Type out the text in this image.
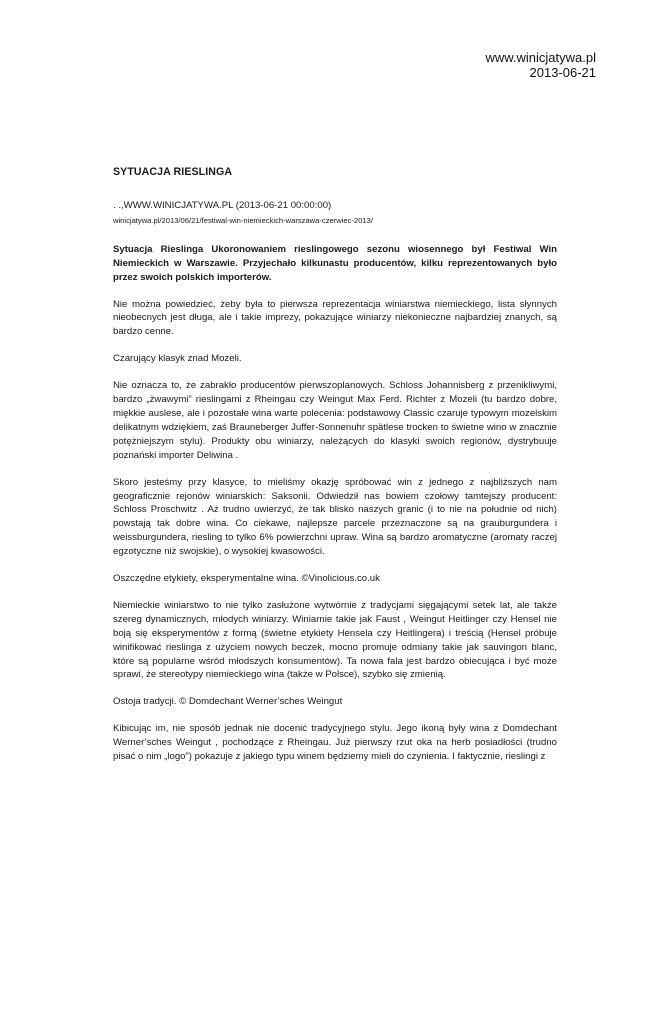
www.winicjatywa.pl
2013-06-21
SYTUACJA RIESLINGA
. .,WWW.WINICJATYWA.PL (2013-06-21 00:00:00)
winicjatywa.pl/2013/06/21/festiwal-win-niemieckich-warszawa-czerwiec-2013/
Sytuacja Rieslinga Ukoronowaniem rieslingowego sezonu wiosennego był Festiwal Win Niemieckich w Warszawie. Przyjechało kilkunastu producentów, kilku reprezentowanych było przez swoich polskich importerów.
Nie można powiedzieć, żeby była to pierwsza reprezentacja winiarstwa niemieckiego, lista słynnych nieobecnych jest długa, ale i takie imprezy, pokazujące winiarzy niekonieczne najbardziej znanych, są bardzo cenne.
Czarujący klasyk znad Mozeli.
Nie oznacza to, że zabrakło producentów pierwszoplanowych. Schloss Johannisberg z przenikliwymi, bardzo „żwawymi” rieslingami z Rheingau czy Weingut Max Ferd. Richter z Mozeli (tu bardzo dobre, miękkie auslese, ale i pozostałe wina warte polecenia: podstawowy Classic czaruje typowym mozelskim delikatnym wdziękiem, zaś Brauneberger Juffer-Sonnenuhr spätlese trocken to świetne wino w znacznie potężniejszym stylu). Produkty obu winiarzy, należących do klasyki swoich regionów, dystrybuuje poznański importer Deliwina .
Skoro jesteśmy przy klasyce, to mieliśmy okazję spróbować win z jednego z najbliższych nam geograficznie rejonów winiarskich: Saksonii. Odwiedził nas bowiem czołowy tamtejszy producent: Schloss Proschwitz . Aż trudno uwierzyć, że tak blisko naszych granic (i to nie na południe od nich) powstają tak dobre wina. Co ciekawe, najlepsze parcele przeznaczone są na grauburgundera i weissburgundera, riesling to tylko 6% powierzchni upraw. Wina są bardzo aromatyczne (aromaty raczej egzotyczne niż swojskie), o wysokiej kwasowości.
Oszczędne etykiety, eksperymentalne wina. ©Vinolicious.co.uk
Niemieckie winiarstwo to nie tylko zasłużone wytwórnie z tradycjami sięgającymi setek lat, ale także szereg dynamicznych, młodych winiarzy. Winiarnie takie jak Faust , Weingut Heitlinger czy Hensel nie boją się eksperymentów z formą (świetne etykiety Hensela czy Heitlingera) i treścią (Hensel próbuje winifikować rieslinga z użyciem nowych beczek, mocno promuje odmiany takie jak sauvingon blanc, które są popularne wśród młodszych konsumentów). Ta nowa fala jest bardzo obiecująca i być może sprawi, że stereotypy niemieckiego wina (także w Polsce), szybko się zmienią.
Ostoja tradycji. © Domdechant Werner’sches Weingut
Kibicując im, nie sposób jednak nie docenić tradycyjnego stylu. Jego ikoną były wina z Domdechant Werner’sches Weingut , pochodzące z Rheingau. Już pierwszy rzut oka na herb posiadłości (trudno pisać o nim „logo”) pokazuje z jakiego typu winem będziemy mieli do czynienia. I faktycznie, rieslingi z
